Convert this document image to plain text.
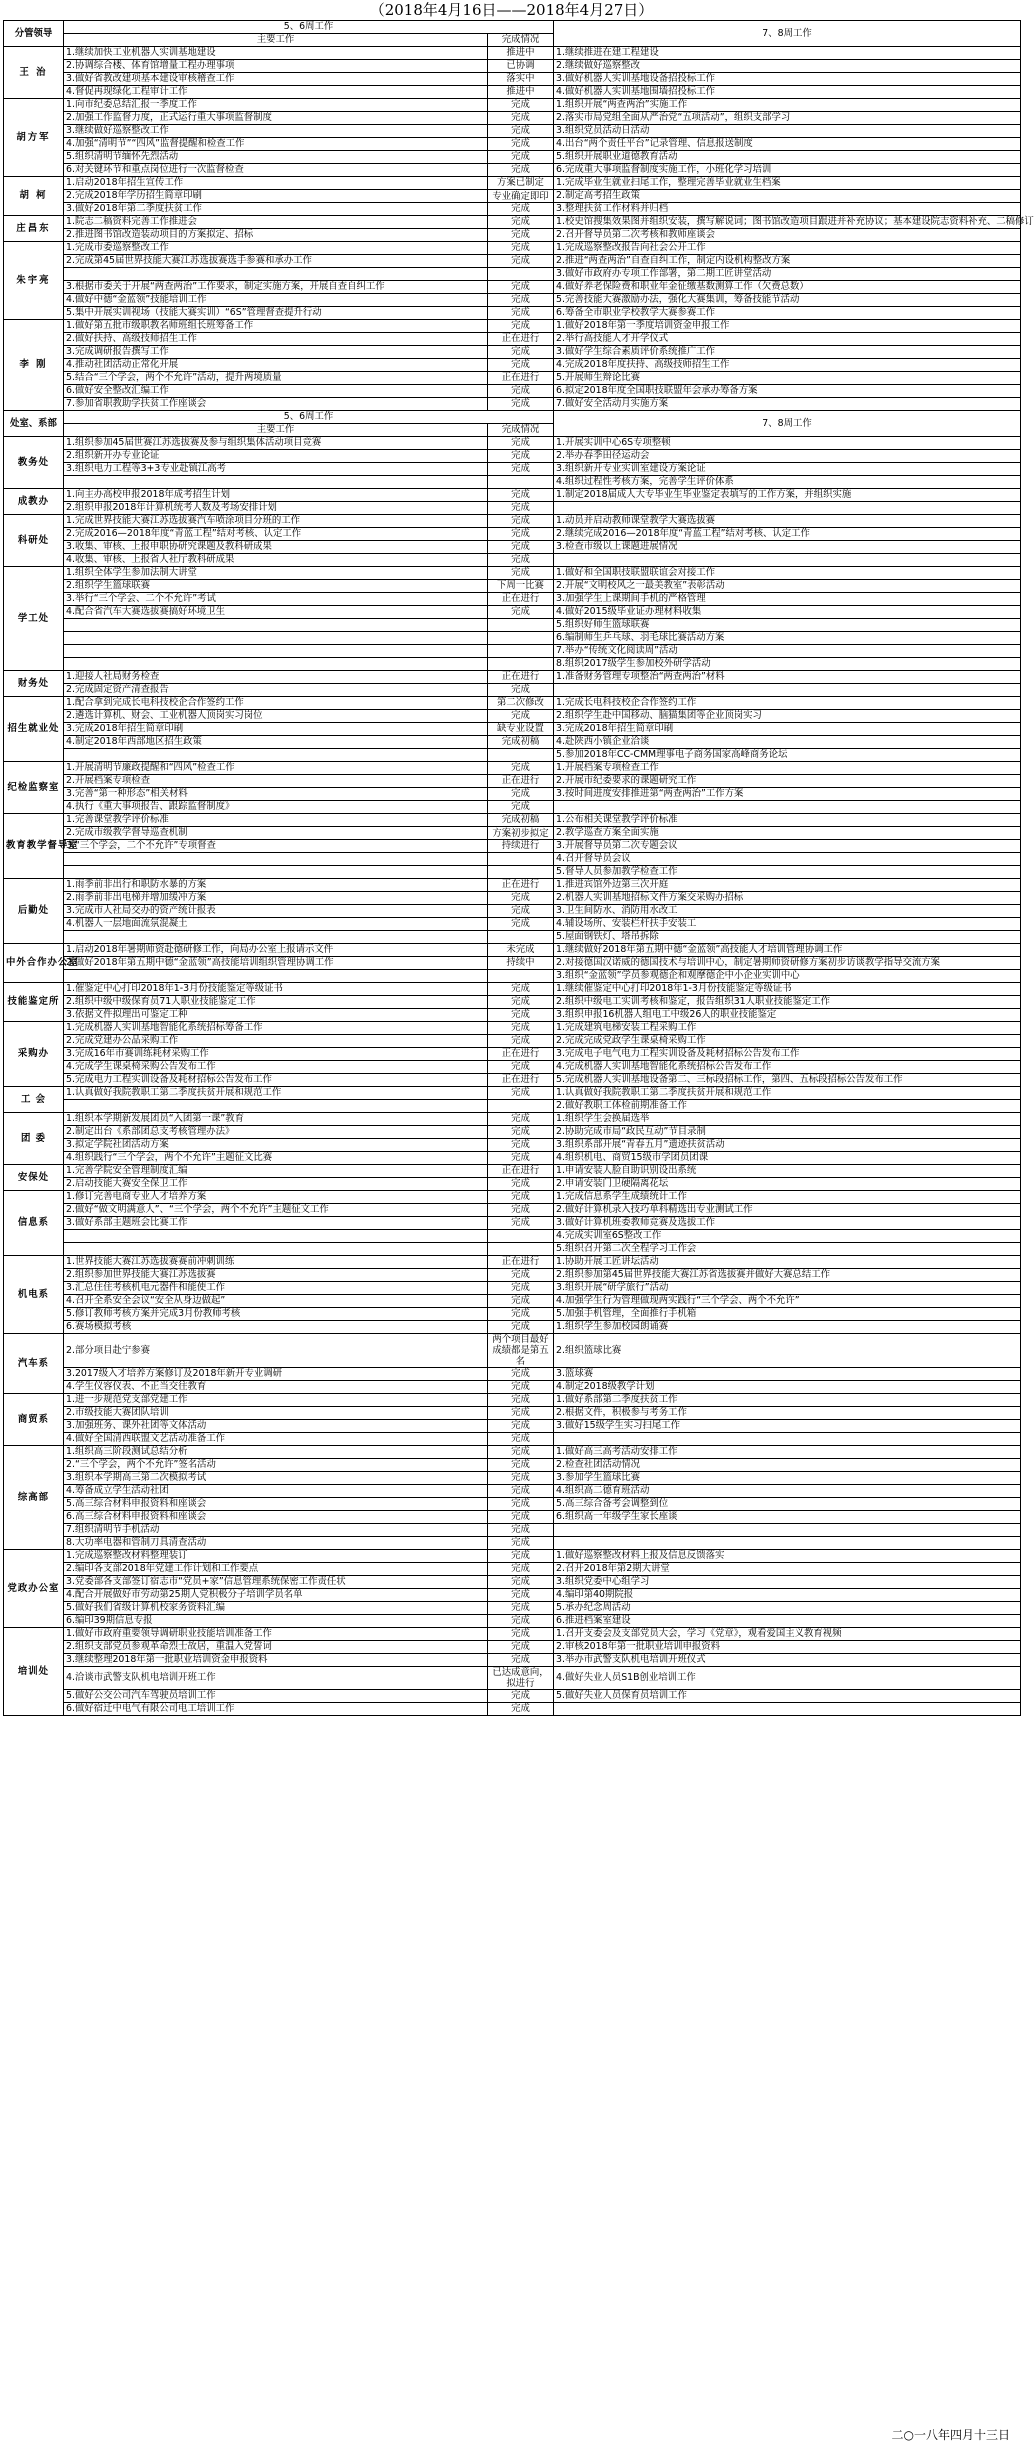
（2018年4月16日——2018年4月27日）
分管领导	5、6周工作		7、8周工作
	主要工作	完成情况	
王 治	1.继续加快工业机器人实训基地建设	推进中	1.继续推进在建工程建设
	2.协调综合楼、体育馆增量工程办理事项	已协调	2.继续做好巡察整改
	3.做好省教改建项基本建设审核稽查工作	落实中	3.做好机器人实训基地设备招投标工作
	4.督促再现绿化工程审计工作	推进中	4.做好机器人实训基地围墙招投标工作
胡方军	1.向市纪委总结汇报一季度工作	完成	1.组织开展“两查两治”实施工作
	2.加强工作监督力度，正式运行重大事项监督制度	完成	2.落实市局党组全面从严治党“五项活动”，组织支部学习
	3.继续做好巡察整改工作	完成	3.组织党员活动日活动
	4.加强“清明节”“四风”监督提醒和检查工作	完成	4.出台“两个责任平台”记录管理、信息报送制度
	5.组织清明节缅怀先烈活动	完成	5.组织开展职业道德教育活动
	6.对关键环节和重点岗位进行一次监督检查	完成	6.完成重大事项监督制度实施工作，小班化学习培训
胡 柯	1.启动2018年招生宣传工作	方案已制定	1.完成毕业生就业扫尾工作，整理完善毕业就业生档案
	2.完成2018年学历招生简章印刷	专业确定即印	2.制定高考招生政策
	3.做好2018年第二季度扶贫工作	完成	3.整理扶贫工作材料并归档
庄昌东	1.院志二稿资料完善工作推进会	完成	1.校史馆搜集效果图并组织安装，撰写解说词；图书馆改造项目跟进并补充协议；基本建设院志资料补充、二稿修订
	2.推进图书馆改造装动项目的方案拟定、招标	完成	2.召开督导员第二次考核和教师座谈会
朱宇亮	1.完成市委巡察整改工作	完成	1.完成巡察整改报告向社会公开工作
	2.完成第45届世界技能大赛江苏选拔赛选手参赛和承办工作	完成	2.推进“两查两治”自查自纠工作，制定内设机构整改方案
			3.做好市政府办专项工作部署，第二期工匠讲堂活动
	3.根据市委关于开展“两查两治”工作要求，制定实施方案，开展自查自纠工作	完成	4.做好养老保险费和职业年金征缴基数测算工作（欠费总数）
	4.做好中德“金蓝领”技能培训工作	完成	5.完善技能大赛激励办法，强化大赛集训，筹备技能节活动
	5.集中开展实训视场（技能大赛实训）“6S”管理督查提升行动	完成	6.筹备全市职业学校教学大赛参赛工作
李 刚	1.做好第五批市级职教名师班组长班筹备工作	完成	1.做好2018年第一季度培训资金申报工作
	2.做好扶持、高级技师招生工作	正在进行	2.举行高技能人才开学仪式
	3.完成调研报告撰写工作	完成	3.做好学生综合素质评价系统推广工作
	4.推动社团活动正常化开展	完成	4.完成2018年度扶持、高级技师招生工作
	5.结合“三个学会，两个不允许”活动，提升两境质量	正在进行	5.开展师生辩论比赛
	6.做好安全整改汇编工作	完成	6.拟定2018年度全国职技联盟年会承办筹备方案
	7.参加省职教助学扶贫工作座谈会	完成	7.做好安全活动月实施方案
处室、系部	5、6周工作		7、8周工作
	主要工作	完成情况	
教务处	1.组织参加45届世赛江苏选拔赛及参与组织集体活动项目竞赛	完成	1.开展实训中心6S专项整顿
	2.组织新开办专业论证	完成	2.举办春季田径运动会
	3.组织电力工程等3+3专业赴镇江高考	完成	3.组织新开专业实训室建设方案论证
			4.组织过程性考核方案，完善学生评价体系
成教办	1.向主办高校申报2018年成考招生计划	完成	1.制定2018届成人大专毕业生毕业鉴定表填写的工作方案，并组织实施
	2.组织申报2018年计算机统考人数及考场安排计划	完成	
科研处	1.完成世界技能大赛江苏选拔赛汽车喷涂项目分班的工作	完成	1.动员并启动教师课堂教学大赛选拔赛
	2.完成2016—2018年度“青蓝工程”结对考核、认定工作	完成	2.继续完成2016—2018年度“青蓝工程”结对考核、认定工作
	3.收集、审核、上报申职协研究课题及教科研成果	完成	3.检查市级以上课题进展情况
	4.收集、审核、上报省人社厅教科研成果	完成	
学工处	1.组织全体学生参加法制大讲堂	完成	1.做好和全国职技联盟联谊会对接工作
	2.组织学生篮球联赛	下周一比赛	2.开展“文明校风之一最美教室”表彰活动
	3.举行“三个学会、二个不允许”考试	正在进行	3.加强学生上课期间手机的严格管理
	4.配合省汽车大赛选拔赛搞好环境卫生	完成	4.做好2015级毕业证办理材料收集
			5.组织好师生篮球联赛
			6.编制师生乒乓球、羽毛球比赛活动方案
			7.举办“传统文化阅读周”活动
			8.组织2017级学生参加校外研学活动
财务处	1.迎接人社局财务检查	正在进行	1.准备财务管理专项整治“两查两治”材料
	2.完成固定资产清查报告	完成	
招生就业处	1.配合拿到完成长电科技校企合作签约工作	第二次修改	1.完成长电科技校企合作签约工作
	2.遴选计算机、财会、工业机器人顶岗实习岗位	完成	2.组织学生赴中国移动、脑猫集团等企业顶岗实习
	3.完成2018年招生简章印刷	缺专业设置	3.完成2018年招生简章印刷
	4.制定2018年西部地区招生政策	完成初稿	4.赴陕西小镇企业洽谈
			5.参加2018年CC-CMM理事电子商务国家高峰商务论坛
纪检监察室	1.开展清明节廉政提醒和“四风”检查工作	完成	1.开展档案专项检查工作
	2.开展档案专项检查	正在进行	2.开展市纪委要求的课题研究工作
	3.完善“第一种形态”相关材料	完成	3.按时间进度安排推进第“两查两治”工作方案
	4.执行《重大事项报告、跟踪监督制度》	完成	
教育教学督导室	1.完善课堂教学评价标准	完成初稿	1.公布相关课堂教学评价标准
	2.完成市级教学督导巡查机制	方案初步拟定	2.教学巡查方案全面实施
	3.“三个学会，二个不允许”专项督查	持续进行	3.开展督导员第二次专题会议
			4.召开督导员会议
			5.督导人员参加教学检查工作
后勤处	1.雨季前非出行和职防水暴的方案	正在进行	1.推进宾馆外边第三次开庭
	2.雨季前非出电梯并增加缓冲方案	完成	2.机器人实训基地招标文件方案交采购办招标
	3.完成市人社局交办的资产统计报表	完成	3.卫生间防水、消防用水改工
	4.机器人一层地面流氛混凝土	完成	4.辅设场所、安装栏杆扶手安装工
			5.屋面钢铁灯、塔吊拆除
中外合作办公室	1.启动2018年暑期师资赴德研修工作，向局办公室上报请示文件	未完成	1.继续做好2018年第五期中德“金蓝领”高技能人才培训管理协调工作
	2.做好2018年第五期中德“金蓝领”高技能培训组织管理协调工作	持续中	2.对接德国汉诺威的德国技术与培训中心，制定暑期师资研修方案初步访谈教学指导交流方案
			3.组织“金蓝领”学员参观德企和观摩德企中小企业实训中心
技能鉴定所	1.催鉴定中心打印2018年1-3月份技能鉴定等级证书	完成	1.继续催鉴定中心打印2018年1-3月份技能鉴定等级证书
	2.组织中级中级保育员71人职业技能鉴定工作	完成	2.组织中级电工实训考核和鉴定，报告组织31人职业技能鉴定工作
	3.依据文件拟理出可鉴定工种	完成	3.组织申报16机器人组电工中级26人的职业技能鉴定
采购办	1.完成机器人实训基地智能化系统招标筹备工作	完成	1.完成建筑电梯安装工程采购工作
	2.完成党建办公品采购工作	完成	2.完成完成党政学生课桌椅采购工作
	3.完成16年市赛训练耗材采购工作	正在进行	3.完成电子电气电力工程实训设备及耗材招标公告发布工作
	4.完成学生课桌椅采购公告发布工作	完成	4.完成机器人实训基地智能化系统招标公告发布工作
	5.完成电力工程实训设备及耗材招标公告发布工作	正在进行	5.完成机器人实训基地设备第二、三标段招标工作，第四、五标段招标公告发布工作
工 会	1.认真做好我院教职工第二季度扶贫开展和规范工作	完成	1.认真做好我院教职工第二季度扶贫开展和规范工作
			2.做好教职工体检前期准备工作
团 委	1.组织本学期新发展团员“入团第一课”教育	完成	1.组织学生会换届选举
	2.制定出台《系部团总支考核管理办法》	完成	2.协助完成市局“政民互动”节目录制
	3.拟定学院社团活动方案	完成	3.组织系部开展“青春五月”遗迹扶贫活动
	4.组织践行“三个学会，两个不允许”主题征文比赛	完成	4.组织机电、商贸15级市学团员团课
安保处	1.完善学院安全管理制度汇编	正在进行	1.申请安装人脸自助识别设出系统
	2.启动技能大赛安全保卫工作	完成	2.申请安装门卫硬隔离花坛
信息系	1.修订完善电商专业人才培养方案	完成	1.完成信息系学生成绩统计工作
	2.做好“做文明满意人”、“三个学会，两个不允许”主题征文工作	完成	2.做好计算机录入技巧单科精选出专业测试工作
	3.做好系部主题班会比赛工作	完成	3.做好计算机班委教师竞赛及选拔工作
			4.完成实训室6S整改工作
			5.组织召开第二次全程学习工作会
机电系	1.世界技能大赛江苏选拔赛赛前冲刺训练	正在进行	1.协助开展工匠讲坛活动
	2.组织参加世界技能大赛江苏选拔赛	完成	2.组织参加第45届世界技能大赛江苏省选拔赛并做好大赛总结工作
	3.汇总住住考核机电元器件和能使工作	完成	3.组织开展“研学旅行”活动
	4.召开全系安全会议“安全从身边做起”	完成	4.加强学生行为管理做现两实践行“三个学会、两个不允许”
	5.修订教师考核方案并完成3月份教师考核	完成	5.加强手机管理，全面推行手机箱
	6.赛场模拟考核	完成	1.组织学生参加校园朗诵赛
汽车系	2.部分项目赴宁参赛	两个项目最好成绩都是第五名	2.组织篮球比赛
	3.2017级入才培养方案修订及2018年新开专业调研	完成	3.篮球赛
	4.学生仪容仪表、不正当交往教育	完成	4.制定2018级教学计划
商贸系	1.进一步规范党支部党建工作	完成	1.做好系部第二季度扶贫工作
	2.市级技能大赛团队培训	完成	2.根据文件，积极参与考务工作
	3.加强班务、课外社团等文体活动	完成	3.做好15级学生实习扫尾工作
	4.做好全国清西联盟文艺活动准备工作	完成	
综高部	1.组织高三阶段测试总结分析	完成	1.做好高三高考活动安排工作
	2.“三个学会，两个不允许”签名活动	完成	2.检查社团活动情况
	3.组织本学期高三第二次模拟考试	完成	3.参加学生篮球比赛
	4.筹备成立学生活动社团	完成	4.组织高二德育班活动
	5.高三综合材料申报资料和座谈会	完成	5.高三综合备考会调整到位
	6.高三综合材料申报资料和座谈会	完成	6.组织高一年级学生家长座谈
	7.组织清明节手机活动	完成	
	8.大功率电器和管制刀具清查活动	完成	
党政办公室	1.完成巡察整改材料整理装订	完成	1.做好巡察整改材料上报及信息反馈落实
	2.编印各支部2018年党建工作计划和工作要点	完成	2.召开2018年第2期大讲堂
	3.党委部各支部签订宿志市“党员+家”信息管理系统保密工作责任状	完成	3.组织党委中心组学习
	4.配合开展做好市劳动第25期人党积极分子培训学员名单	完成	4.编印第40期院报
	5.做好我们省级计算机校家务资料汇编	完成	5.承办纪念周活动
	6.编印39期信息专报	完成	6.推进档案室建设
培训处	1.做好市政府重要领导调研职业技能培训准备工作	完成	1.召开支委会及支部党员大会，学习《党章》，观看爱国主义教育视频
	2.组织支部党员参观革命烈士故居，重温入党誓词	完成	2.审核2018年第一批职业培训申报资料
	3.继续整理2018年第一批职业培训资金申报资料	完成	3.举办市武警支队机电培训开班仪式
	4.洽谈市武警支队机电培训开班工作	已达成意向，拟进行	4.做好失业人员S1B创业培训工作
	5.做好公交公司汽车驾驶员培训工作	完成	5.做好失业人员保育员培训工作
	6.做好宿迁中电气有限公司电工培训工作	完成	
二○一八年四月十三日
